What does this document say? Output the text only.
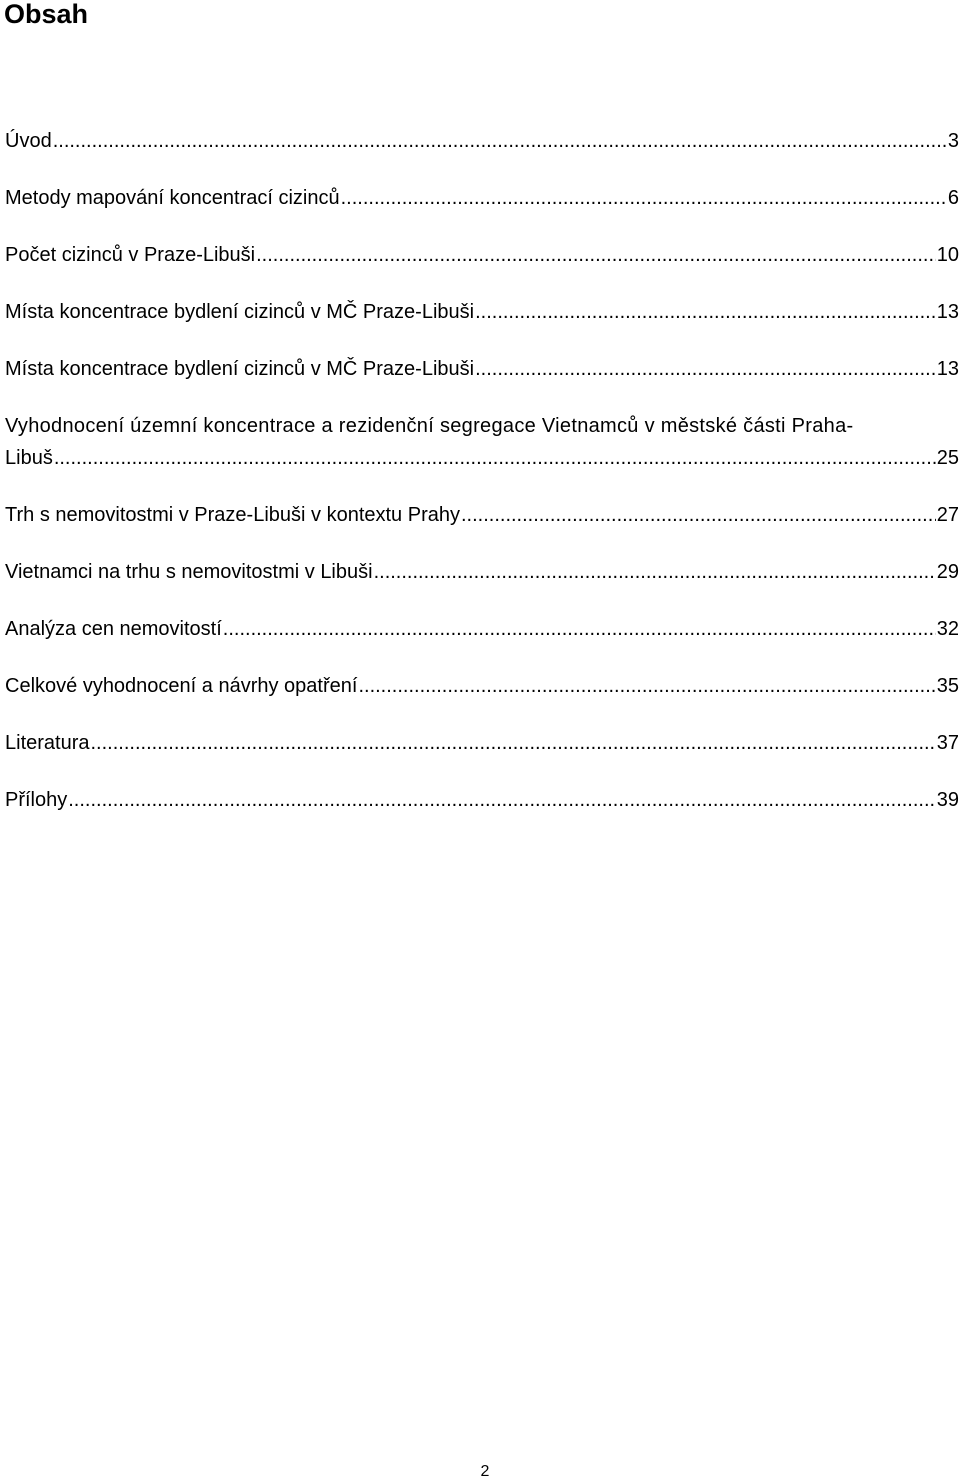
Obsah
Úvod .....	3
Metody mapování koncentrací cizinců .....	6
Počet cizinců v Praze-Libuši .....	10
Místa koncentrace bydlení cizinců v MČ Praze-Libuši .....	13
Místa koncentrace bydlení cizinců v MČ Praze-Libuši .....	13
Vyhodnocení územní koncentrace a rezidenční segregace Vietnamců v městské části Praha-
Libuš .....	25
Trh s nemovitostmi v Praze-Libuši v kontextu Prahy .....	27
Vietnamci na trhu s nemovitostmi v Libuši .....	29
Analýza cen nemovitostí .....	32
Celkové vyhodnocení a návrhy opatření .....	35
Literatura .....	37
Přílohy .....	39
2
